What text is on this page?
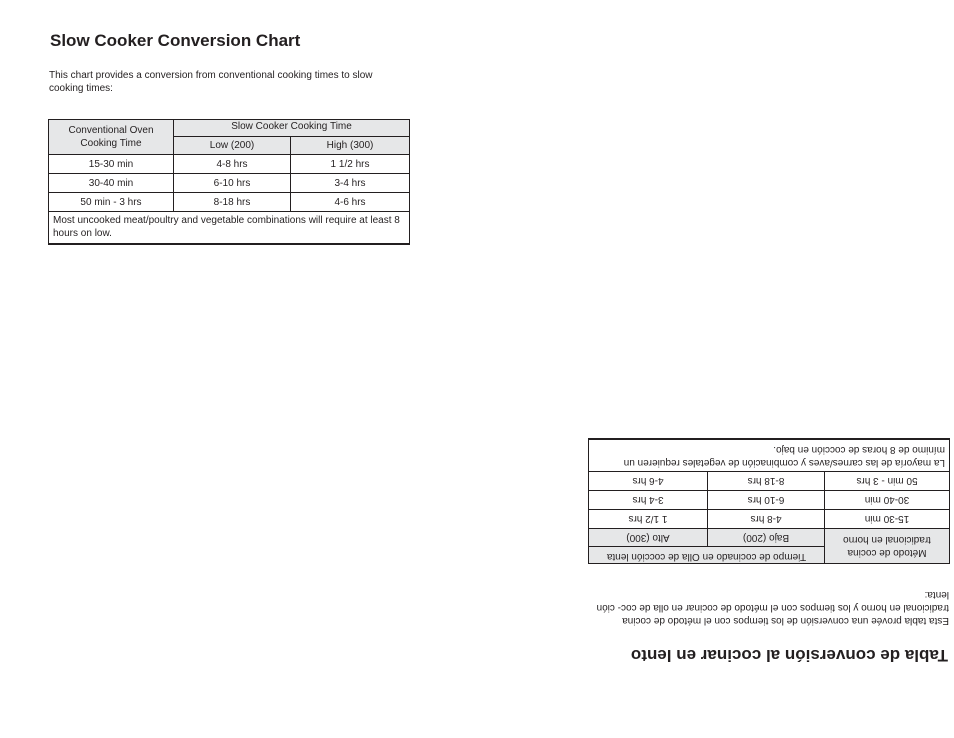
Slow Cooker Conversion Chart
This chart provides a conversion from conventional cooking times to slow cooking times:
Conventional Oven Cooking Time	Slow Cooker Cooking Time	
	Low (200)	High (300)
15-30 min	4-8 hrs	1 1/2 hrs
30-40 min	6-10 hrs	3-4 hrs
50 min - 3 hrs	8-18 hrs	4-6 hrs
Most uncooked meat/poultry and vegetable combinations will require at least 8 hours on low.		
Tabla de conversión al cocinar en lento
Esta tabla provée una conversión de los tiempos con el método de cocina tradicional en horno y los tiempos con el método de cocinar en olla de coc- ción lenta:
Método de cocina tradicional en horno	Tiempo de cocinado en Olla de cocción lenta	
	Bajo (200)	Alto (300)
15-30 min	4-8 hrs	1 1/2 hrs
30-40 min	6-10 hrs	3-4 hrs
50 min - 3 hrs	8-18 hrs	4-6 hrs
La mayoría de las carnes/aves y combinación de vegetales requieren un mínimo de 8 horas de cocción en bajo.		
